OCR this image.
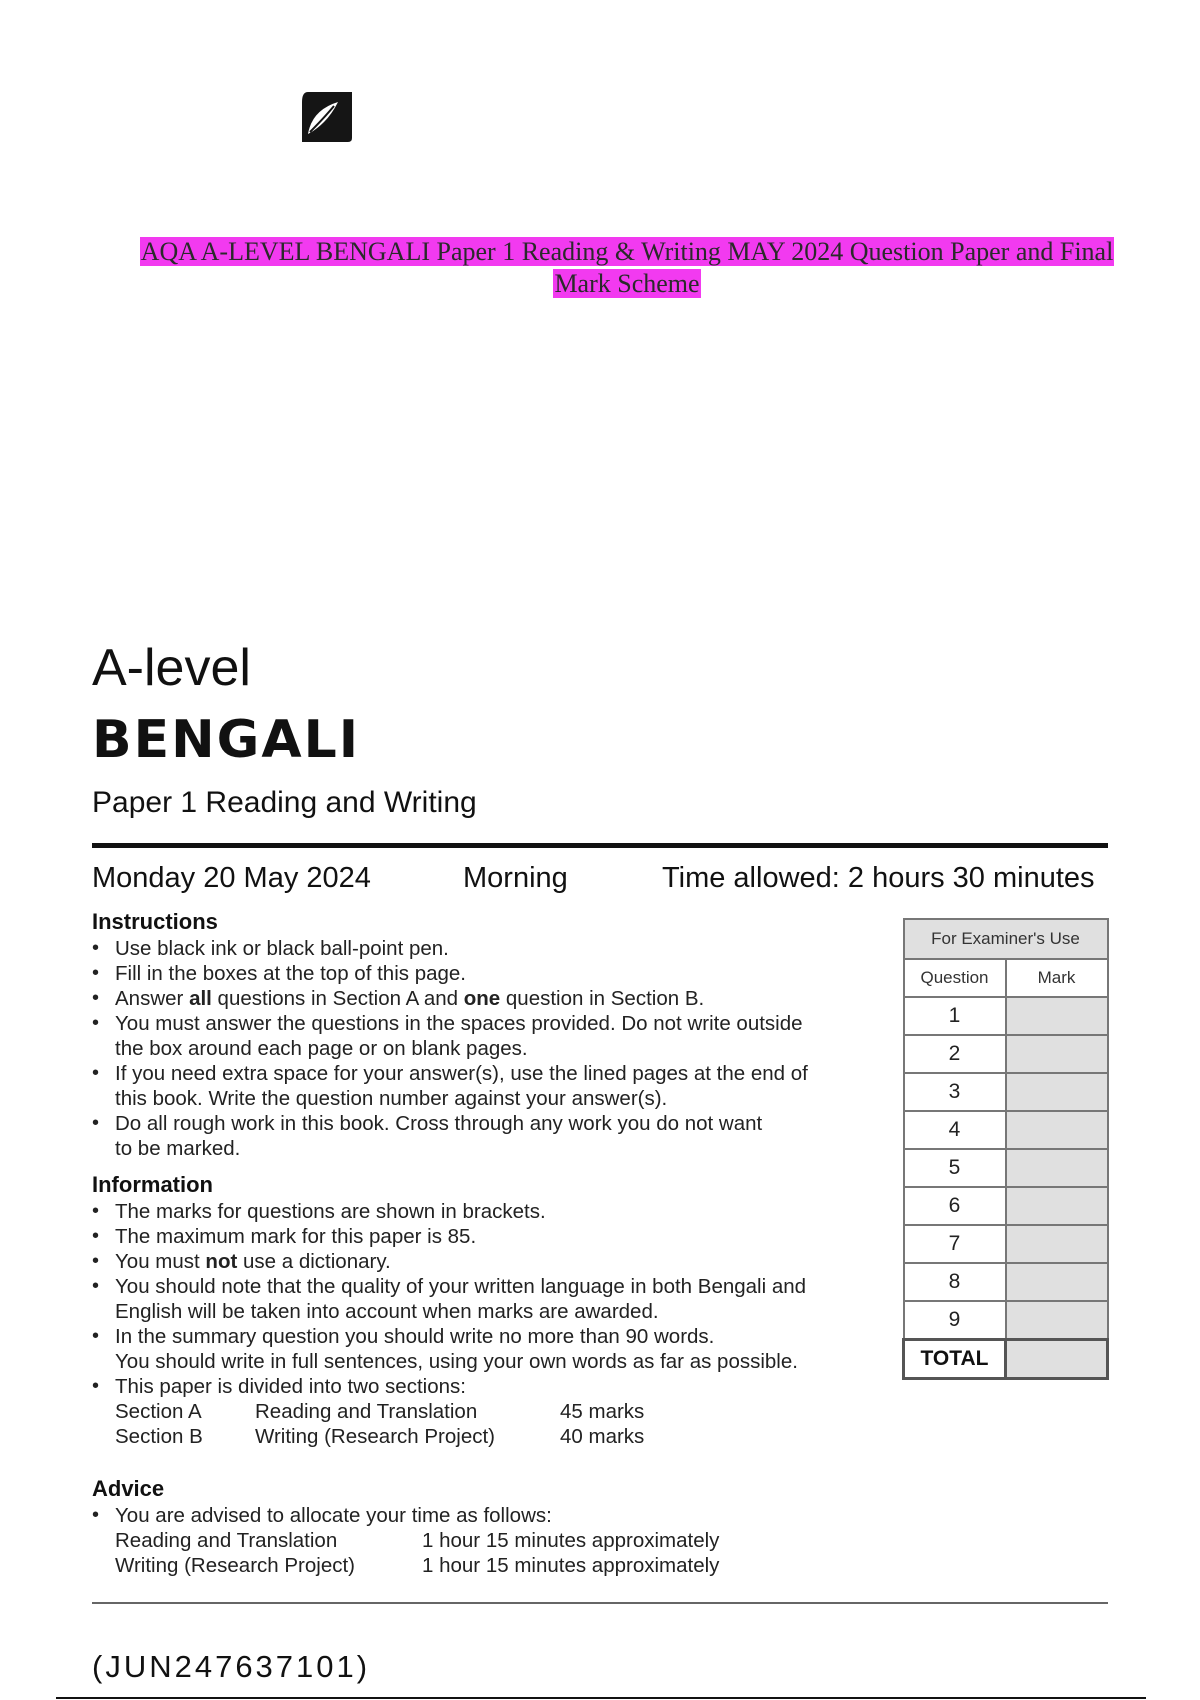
AQA A-LEVEL BENGALI Paper 1 Reading & Writing MAY 2024 Question Paper and Final
Mark Scheme
A-level
BENGALI
Paper 1 Reading and Writing
Monday 20 May 2024	Morning	Time allowed: 2 hours 30 minutes
Instructions
• Use black ink or black ball-point pen.
• Fill in the boxes at the top of this page.
• Answer all questions in Section A and one question in Section B.
• You must answer the questions in the spaces provided. Do not write outside
the box around each page or on blank pages.
• If you need extra space for your answer(s), use the lined pages at the end of
this book. Write the question number against your answer(s).
• Do all rough work in this book. Cross through any work you do not want
to be marked.
Information
• The marks for questions are shown in brackets.
• The maximum mark for this paper is 85.
• You must not use a dictionary.
• You should note that the quality of your written language in both Bengali and
English will be taken into account when marks are awarded.
• In the summary question you should write no more than 90 words.
You should write in full sentences, using your own words as far as possible.
• This paper is divided into two sections:
Section A	Reading and Translation	45 marks
Section B	Writing (Research Project)	40 marks
Advice
• You are advised to allocate your time as follows:
Reading and Translation	1 hour 15 minutes approximately
Writing (Research Project)	1 hour 15 minutes approximately
For Examiner's Use	
Question	Mark
1	
2	
3	
4	
5	
6	
7	
8	
9	
TOTAL	
(JUN247637101)
